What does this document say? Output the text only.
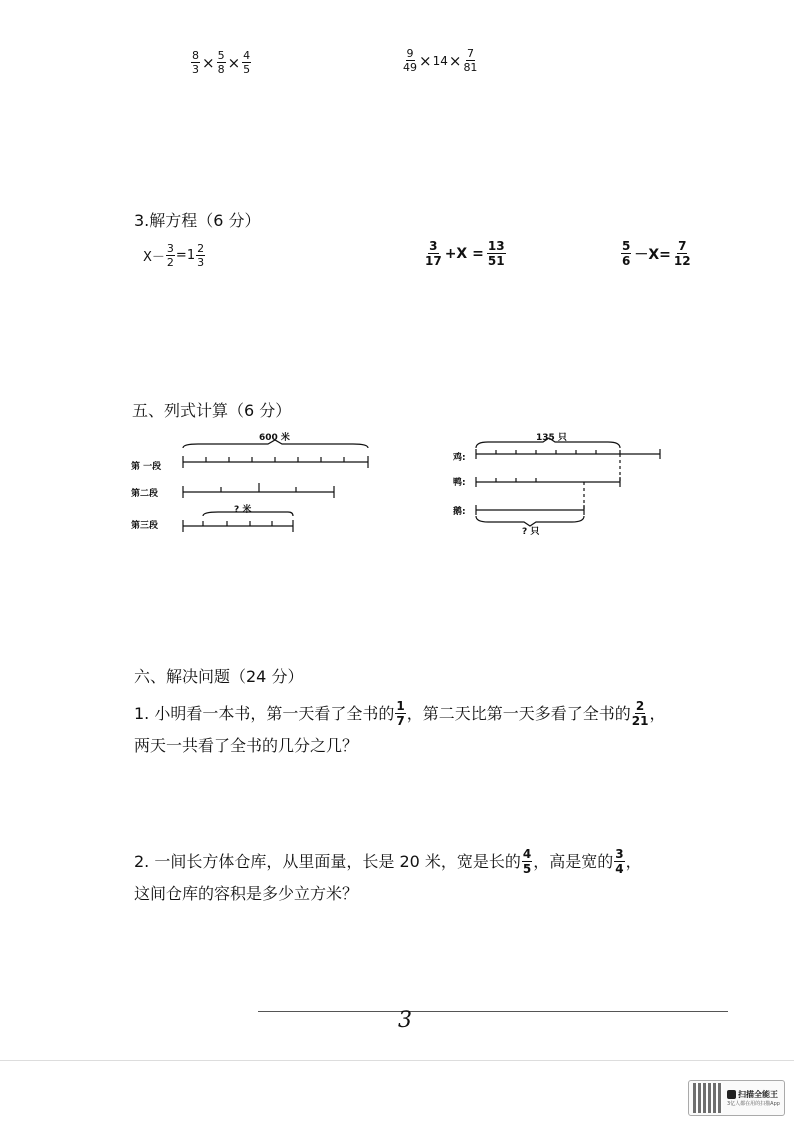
$\frac{8}{3} \times \frac{5}{8} \times \frac{4}{5}$	$\frac{9}{49} \times 14 \times \frac{7}{81}$
3.解方程（6 分）
$X- \frac{3}{2} = 1 \frac{2}{3}$	$\frac{3}{17} +X = \frac{13}{51}$	$\frac{5}{6} -X= \frac{7}{12}$
五、列式计算（6 分）
600 米
第 一段
第二段
第三段
? 米
135 只
鸡:
鸭:
鹅:
? 只
六、解决问题（24 分）
1. 小明看一本书，第一天看了全书的 $\frac{1}{7}$ ，第二天比第一天多看了全书的 $\frac{2}{21}$ ，
两天一共看了全书的几分之几？
2. 一间长方体仓库，从里面量，长是 20 米，宽是长的 $\frac{4}{5}$ ，高是宽的 $\frac{3}{4}$ ，
这间仓库的容积是多少立方米？
3
扫描全能王
3亿人都在用的扫描App
